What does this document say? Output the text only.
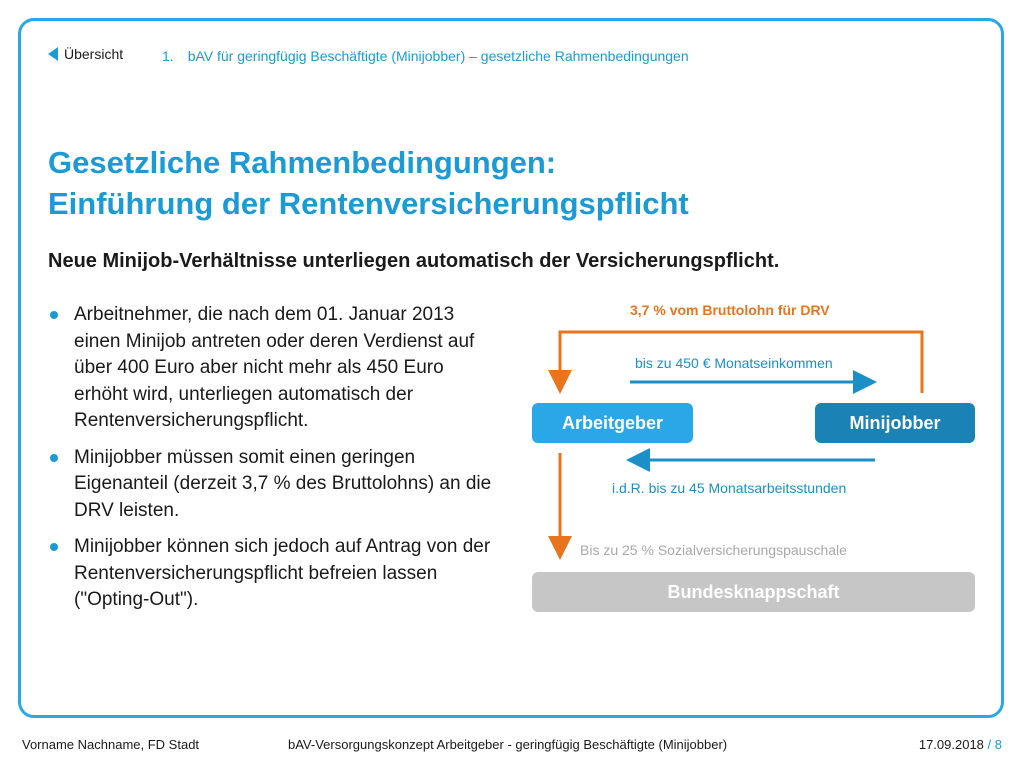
Übersicht	1. bAV für geringfügig Beschäftigte (Minijobber) – gesetzliche Rahmenbedingungen
Gesetzliche Rahmenbedingungen:
Einführung der Rentenversicherungspflicht
Neue Minijob-Verhältnisse unterliegen automatisch der Versicherungspflicht.
Arbeitnehmer, die nach dem 01. Januar 2013 einen Minijob antreten oder deren Verdienst auf über 400 Euro aber nicht mehr als 450 Euro erhöht wird, unterliegen automatisch der Rentenversicherungspflicht.
Minijobber müssen somit einen geringen Eigenanteil (derzeit 3,7 % des Bruttolohns) an die DRV leisten.
Minijobber können sich jedoch auf Antrag von der Rentenversicherungspflicht befreien lassen ("Opting-Out").
3,7 % vom Bruttolohn für DRV
bis zu 450 € Monatseinkommen
Arbeitgeber	Minijobber
i.d.R. bis zu 45 Monatsarbeitsstunden
Bis zu 25 % Sozialversicherungspauschale
Bundesknappschaft
Vorname Nachname, FD Stadt	bAV-Versorgungskonzept Arbeitgeber - geringfügig Beschäftigte (Minijobber)	17.09.2018 / 8
